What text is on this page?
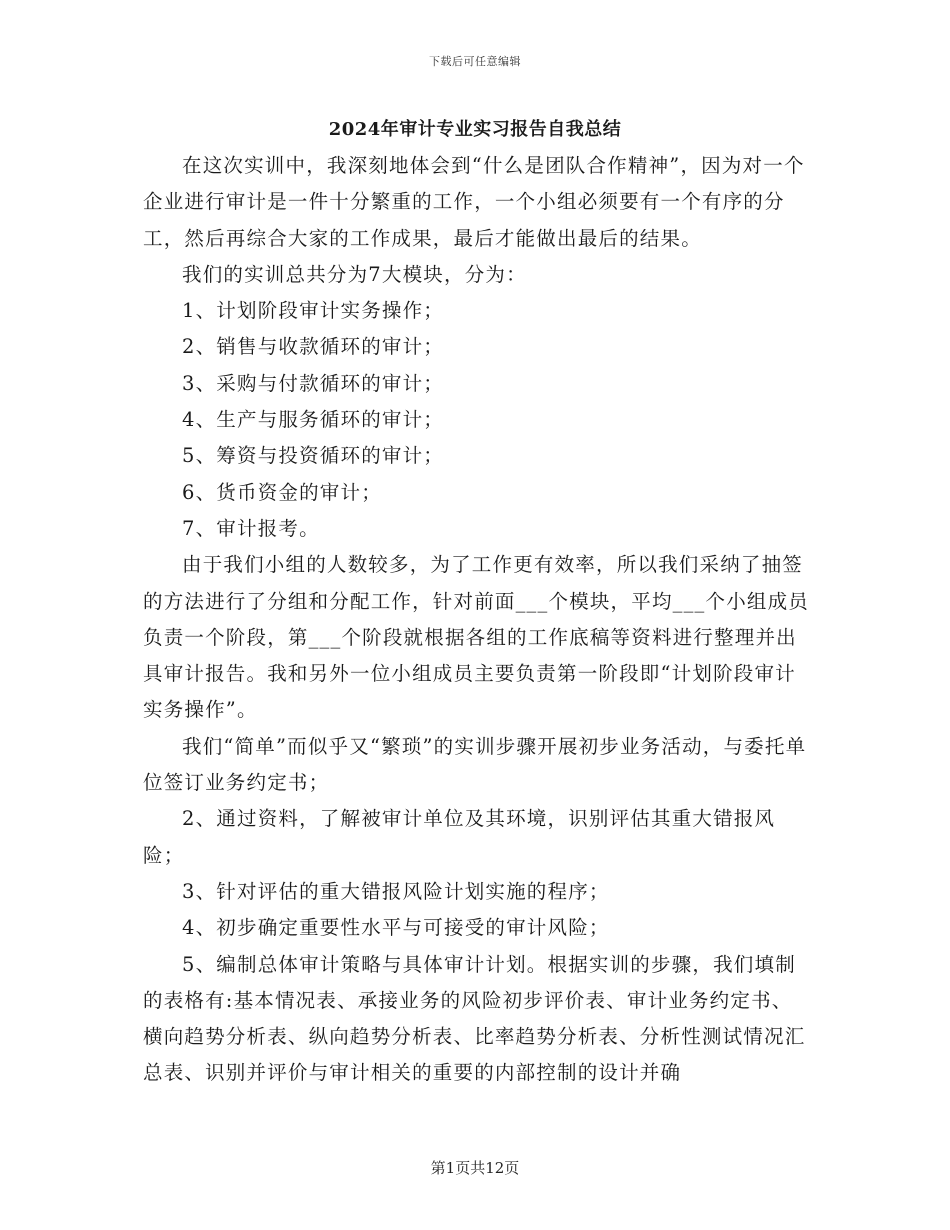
下载后可任意编辑
2024年审计专业实习报告自我总结

在这次实训中，我深刻地体会到“什么是团队合作精神”，因为对一个企业进行审计是一件十分繁重的工作，一个小组必须要有一个有序的分工，然后再综合大家的工作成果，最后才能做出最后的结果。

我们的实训总共分为7大模块，分为：

1、计划阶段审计实务操作；

2、销售与收款循环的审计；

3、采购与付款循环的审计；

4、生产与服务循环的审计；

5、筹资与投资循环的审计；

6、货币资金的审计；

7、审计报考。

由于我们小组的人数较多，为了工作更有效率，所以我们采纳了抽签的方法进行了分组和分配工作，针对前面___个模块，平均___个小组成员负责一个阶段，第___个阶段就根据各组的工作底稿等资料进行整理并出具审计报告。我和另外一位小组成员主要负责第一阶段即“计划阶段审计实务操作”。

我们“简单”而似乎又“繁琐”的实训步骤开展初步业务活动，与委托单位签订业务约定书；

2、通过资料，了解被审计单位及其环境，识别评估其重大错报风险；

3、针对评估的重大错报风险计划实施的程序；

4、初步确定重要性水平与可接受的审计风险；

5、编制总体审计策略与具体审计计划。根据实训的步骤，我们填制的表格有:基本情况表、承接业务的风险初步评价表、审计业务约定书、横向趋势分析表、纵向趋势分析表、比率趋势分析表、分析性测试情况汇总表、识别并评价与审计相关的重要的内部控制的设计并确

第1页共12页
